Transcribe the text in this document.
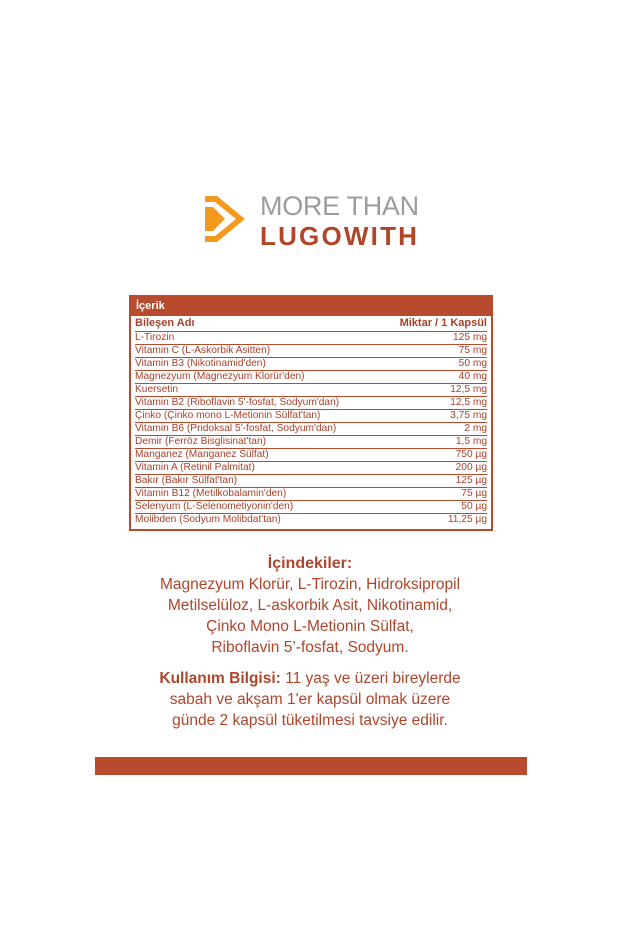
MORE THAN
LUGOWITH
İçerik
Bileşen Adı	Miktar / 1 Kapsül
L-Tirozin	125 mg
Vitamin C (L-Askorbik Asitten)	75 mg
Vitamin B3 (Nikotinamid'den)	50 mg
Magnezyum (Magnezyum Klorür'den)	40 mg
Kuersetin	12,5 mg
Vitamin B2 (Riboflavin 5'-fosfat, Sodyum'dan)	12,5 mg
Çinko (Çinko mono L-Metionin Sülfat'tan)	3,75 mg
Vitamin B6 (Pridoksal 5'-fosfat, Sodyum'dan)	2 mg
Demir (Ferröz Bisglisinat'tan)	1,5 mg
Manganez (Manganez Sülfat)	750 µg
Vitamin A (Retinil Palmitat)	200 µg
Bakır (Bakır Sülfat'tan)	125 µg
Vitamin B12 (Metilkobalamin'den)	75 µg
Selenyum (L-Selenometiyonin'den)	50 µg
Molibden (Sodyum Molibdat'tan)	11,25 µg
İçindekiler:
Magnezyum Klorür, L-Tirozin, Hidroksipropil
Metilselüloz, L-askorbik Asit, Nikotinamid,
Çinko Mono L-Metionin Sülfat,
Riboflavin 5’-fosfat, Sodyum.
Kullanım Bilgisi: 11 yaş ve üzeri bireylerde
sabah ve akşam 1'er kapsül olmak üzere
günde 2 kapsül tüketilmesi tavsiye edilir.
